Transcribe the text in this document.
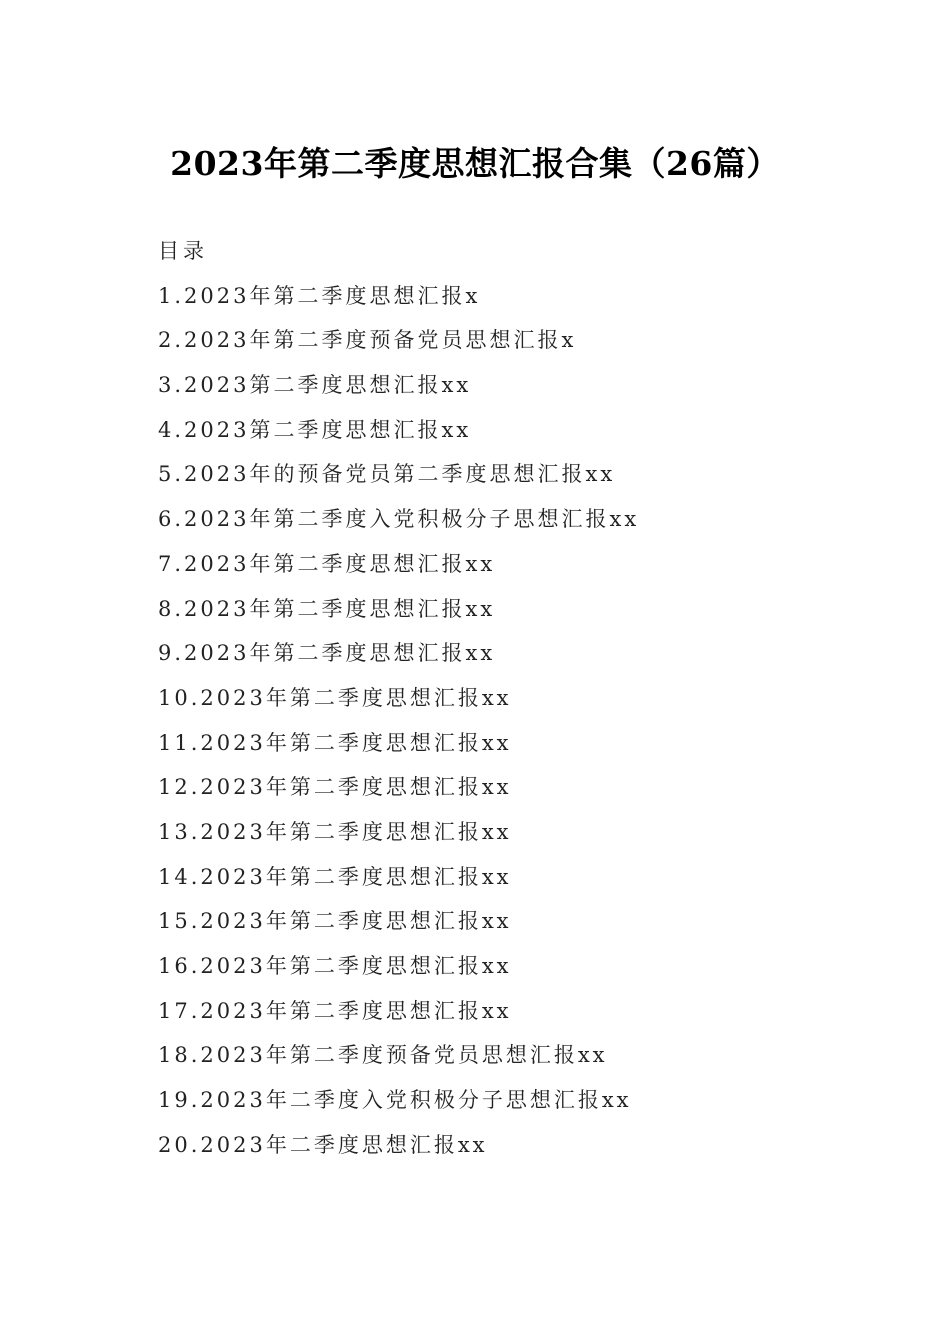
2023年第二季度思想汇报合集（26篇）
目录
1.2023年第二季度思想汇报x
2.2023年第二季度预备党员思想汇报x
3.2023第二季度思想汇报xx
4.2023第二季度思想汇报xx
5.2023年的预备党员第二季度思想汇报xx
6.2023年第二季度入党积极分子思想汇报xx
7.2023年第二季度思想汇报xx
8.2023年第二季度思想汇报xx
9.2023年第二季度思想汇报xx
10.2023年第二季度思想汇报xx
11.2023年第二季度思想汇报xx
12.2023年第二季度思想汇报xx
13.2023年第二季度思想汇报xx
14.2023年第二季度思想汇报xx
15.2023年第二季度思想汇报xx
16.2023年第二季度思想汇报xx
17.2023年第二季度思想汇报xx
18.2023年第二季度预备党员思想汇报xx
19.2023年二季度入党积极分子思想汇报xx
20.2023年二季度思想汇报xx
